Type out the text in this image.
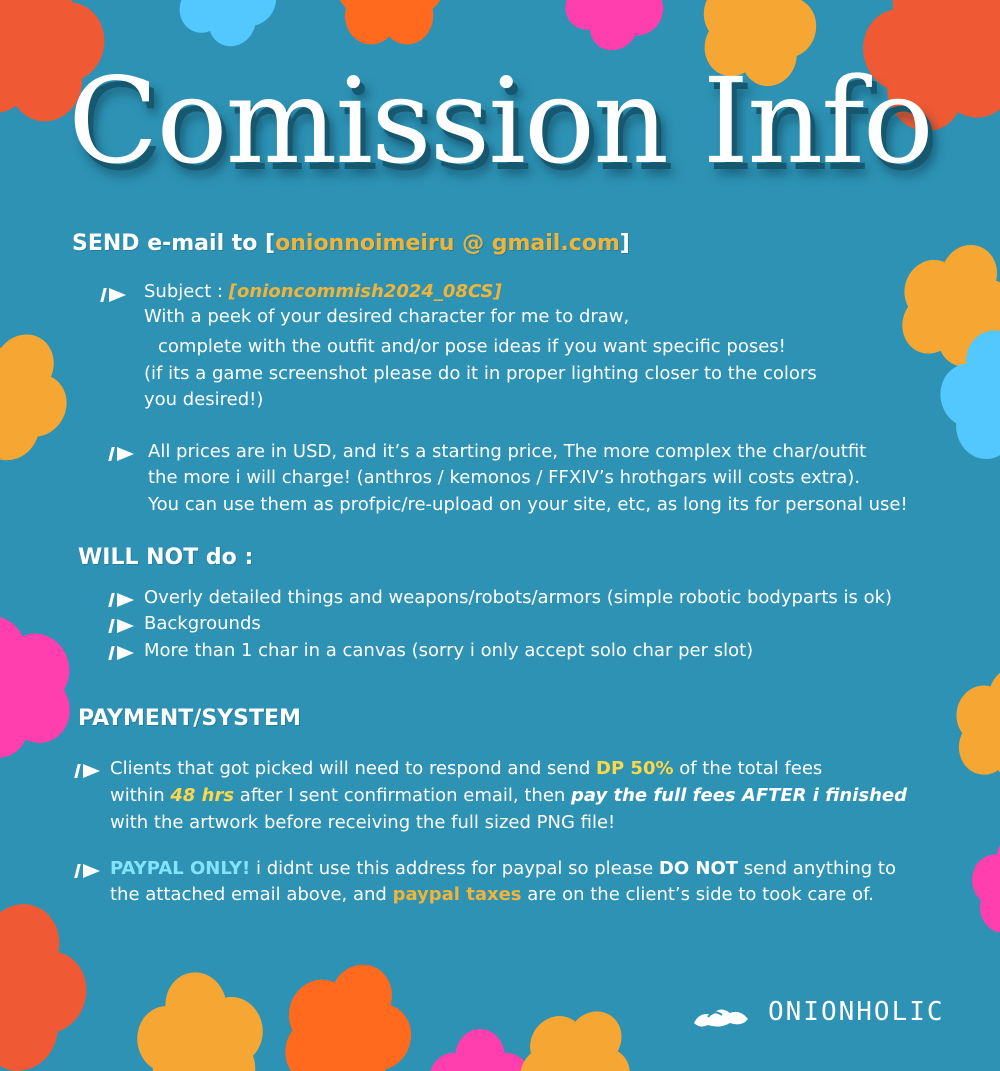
Comission Info

SEND e-mail to [onionnoimeiru @ gmail.com]

Subject : [onioncommish2024_08CS]

With a peek of your desired character for me to draw,

complete with the outfit and/or pose ideas if you want specific poses!

(if its a game screenshot please do it in proper lighting closer to the colors

you desired!)

All prices are in USD, and it’s a starting price, The more complex the char/outfit

the more i will charge! (anthros / kemonos / FFXIV’s hrothgars will costs extra).

You can use them as profpic/re-upload on your site, etc, as long its for personal use!

WILL NOT do :

Overly detailed things and weapons/robots/armors (simple robotic bodyparts is ok)

Backgrounds

More than 1 char in a canvas (sorry i only accept solo char per slot)

PAYMENT/SYSTEM

Clients that got picked will need to respond and send DP 50% of the total fees

within 48 hrs after I sent confirmation email, then pay the full fees AFTER i finished

with the artwork before receiving the full sized PNG file!

PAYPAL ONLY! i didnt use this address for paypal so please DO NOT send anything to

the attached email above, and paypal taxes are on the client’s side to took care of.

ONIONHOLIC
